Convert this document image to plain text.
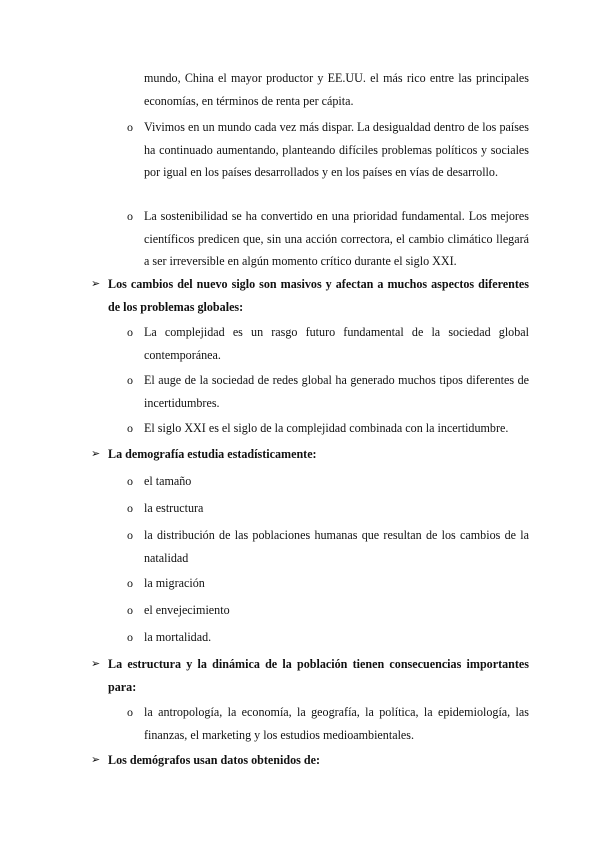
mundo, China el mayor productor y EE.UU. el más rico entre las principales economías, en términos de renta per cápita.
o Vivimos en un mundo cada vez más dispar. La desigualdad dentro de los países ha continuado aumentando, planteando difíciles problemas políticos y sociales por igual en los países desarrollados y en los países en vías de desarrollo.
o La sostenibilidad se ha convertido en una prioridad fundamental. Los mejores científicos predicen que, sin una acción correctora, el cambio climático llegará a ser irreversible en algún momento crítico durante el siglo XXI.
➢ Los cambios del nuevo siglo son masivos y afectan a muchos aspectos diferentes de los problemas globales:
o La complejidad es un rasgo futuro fundamental de la sociedad global contemporánea.
o El auge de la sociedad de redes global ha generado muchos tipos diferentes de incertidumbres.
o El siglo XXI es el siglo de la complejidad combinada con la incertidumbre.
➢ La demografía estudia estadísticamente:
o el tamaño
o la estructura
o la distribución de las poblaciones humanas que resultan de los cambios de la natalidad
o la migración
o el envejecimiento
o la mortalidad.
➢ La estructura y la dinámica de la población tienen consecuencias importantes para:
o la antropología, la economía, la geografía, la política, la epidemiología, las finanzas, el marketing y los estudios medioambientales.
➢ Los demógrafos usan datos obtenidos de:
